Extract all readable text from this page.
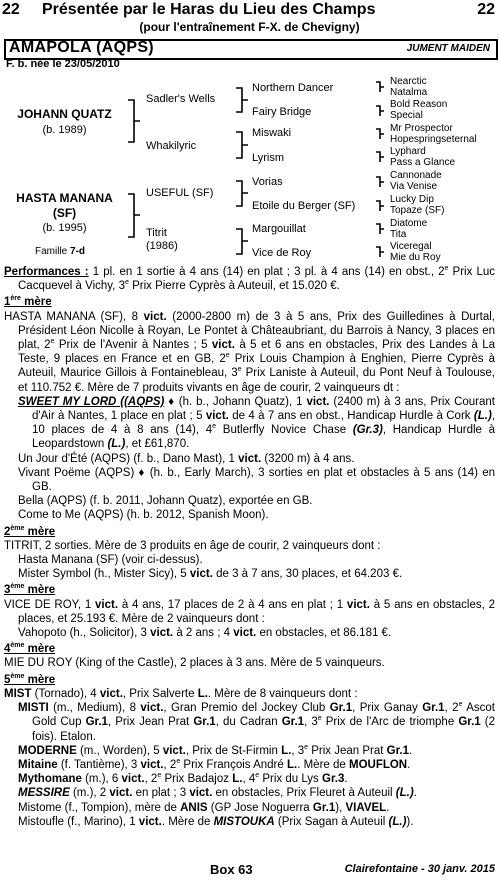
22 Présentée par le Haras du Lieu des Champs	22
(pour l'entraînement F-X. de Chevigny)
AMAPOLA (AQPS)	JUMENT MAIDEN
F. b. née le 23/05/2010
JOHANN QUATZ
(b. 1989)
HASTA MANANA
(SF)
(b. 1995)
Famille 7-d
Sadler's Wells
Whakilyric
USEFUL (SF)
Titrit
(1986)
Northern Dancer
Fairy Bridge
Miswaki
Lyrism
Vorias
Etoile du Berger (SF)
Margouillat
Vice de Roy
Nearctic
Natalma
Bold Reason
Special
Mr Prospector
Hopespringseternal
Lyphard
Pass a Glance
Cannonade
Via Venise
Lucky Dip
Topaze (SF)
Diatome
Tita
Viceregal
Mie du Roy

Performances : 1 pl. en 1 sortie à 4 ans (14) en plat ; 3 pl. à 4 ans (14) en obst., 2e Prix Luc Cacquevel à Vichy, 3e Prix Pierre Cyprès à Auteuil, et 15.020 €.

1ère mère

HASTA MANANA (SF), 8 vict. (2000-2800 m) de 3 à 5 ans, Prix des Guilledines à Durtal, Président Léon Nicolle à Royan, Le Pontet à Châteaubriant, du Barrois à Nancy, 3 places en plat, 2e Prix de l'Avenir à Nantes ; 5 vict. à 5 et 6 ans en obstacles, Prix des Landes à La Teste, 9 places en France et en GB, 2e Prix Louis Champion à Enghien, Pierre Cyprès à Auteuil, Maurice Gillois à Fontainebleau, 3e Prix Laniste à Auteuil, du Pont Neuf à Toulouse, et 110.752 €. Mère de 7 produits vivants en âge de courir, 2 vainqueurs dt :

SWEET MY LORD ((AQPS) ♦ (h. b., Johann Quatz), 1 vict. (2400 m) à 3 ans, Prix Courant d'Air à Nantes, 1 place en plat ; 5 vict. de 4 à 7 ans en obst., Handicap Hurdle à Cork (L.), 10 places de 4 à 8 ans (14), 4e Butlerfly Novice Chase (Gr.3), Handicap Hurdle à Leopardstown (L.), et £61,870.

Un Jour d'Été (AQPS) (f. b., Dano Mast), 1 vict. (3200 m) à 4 ans.

Vivant Poëme (AQPS) ♦ (h. b., Early March), 3 sorties en plat et obstacles à 5 ans (14) en GB.

Bella (AQPS) (f. b. 2011, Johann Quatz), exportée en GB.

Come to Me (AQPS) (h. b. 2012, Spanish Moon).

2ème mère

TITRIT, 2 sorties. Mère de 3 produits en âge de courir, 2 vainqueurs dont :

Hasta Manana (SF) (voir ci-dessus).

Mister Symbol (h., Mister Sicy), 5 vict. de 3 à 7 ans, 30 places, et 64.203 €.

3ème mère

VICE DE ROY, 1 vict. à 4 ans, 17 places de 2 à 4 ans en plat ; 1 vict. à 5 ans en obstacles, 2 places, et 25.193 €. Mère de 2 vainqueurs dont :

Vahopoto (h., Solicitor), 3 vict. à 2 ans ; 4 vict. en obstacles, et 86.181 €.

4ème mère

MIE DU ROY (King of the Castle), 2 places à 3 ans. Mère de 5 vainqueurs.

5ème mère

MIST (Tornado), 4 vict., Prix Salverte L.. Mère de 8 vainqueurs dont :

MISTI (m., Medium), 8 vict., Gran Premio del Jockey Club Gr.1, Prix Ganay Gr.1, 2e Ascot Gold Cup Gr.1, Prix Jean Prat Gr.1, du Cadran Gr.1, 3e Prix de l'Arc de triomphe Gr.1 (2 fois). Etalon.

MODERNE (m., Worden), 5 vict., Prix de St-Firmin L., 3e Prix Jean Prat Gr.1.

Mitaine (f. Tantième), 3 vict., 2e Prix François André L.. Mère de MOUFLON.

Mythomane (m.), 6 vict., 2e Prix Badajoz L., 4e Prix du Lys Gr.3.

MESSIRE (m.), 2 vict. en plat ; 3 vict. en obstacles, Prix Fleuret à Auteuil (L.).

Mistome (f., Tompion), mère de ANIS (GP Jose Noguerra Gr.1), VIAVEL.

Mistoufle (f., Marino), 1 vict.. Mère de MISTOUKA (Prix Sagan à Auteuil (L.)).

Box 63	Clairefontaine - 30 janv. 2015
